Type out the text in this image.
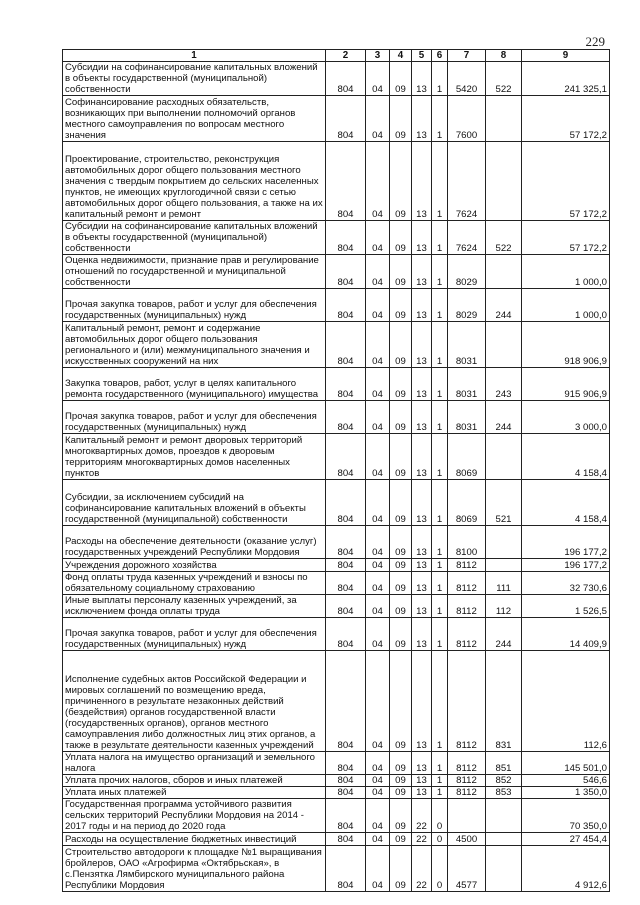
229
1	2	3	4	5	6	7	8	9
Субсидии на софинансирование капитальных вложений в объекты государственной (муниципальной) собственности	804	04	09	13	1	5420	522	241 325,1
Софинансирование расходных обязательств, возникающих при выполнении полномочий органов местного самоуправления по вопросам местного значения	804	04	09	13	1	7600		57 172,2
Проектирование, строительство, реконструкция автомобильных дорог общего пользования местного значения с твердым покрытием до сельских населенных пунктов, не имеющих круглогодичной связи с сетью автомобильных дорог общего пользования, а также на их капитальный ремонт и ремонт	804	04	09	13	1	7624		57 172,2
Субсидии на софинансирование капитальных вложений в объекты государственной (муниципальной) собственности	804	04	09	13	1	7624	522	57 172,2
Оценка недвижимости, признание прав и регулирование отношений по государственной и муниципальной собственности	804	04	09	13	1	8029		1 000,0
Прочая закупка товаров, работ и услуг для обеспечения государственных (муниципальных) нужд	804	04	09	13	1	8029	244	1 000,0
Капитальный ремонт, ремонт и содержание автомобильных дорог общего пользования регионального и (или) межмуниципального значения и искусственных сооружений на них	804	04	09	13	1	8031		918 906,9
Закупка товаров, работ, услуг в целях капитального ремонта государственного (муниципального) имущества	804	04	09	13	1	8031	243	915 906,9
Прочая закупка товаров, работ и услуг для обеспечения государственных (муниципальных) нужд	804	04	09	13	1	8031	244	3 000,0
Капитальный ремонт и ремонт дворовых территорий многоквартирных домов, проездов к дворовым территориям многоквартирных домов населенных пунктов	804	04	09	13	1	8069		4 158,4
Субсидии, за исключением субсидий на софинансирование капитальных вложений в объекты государственной (муниципальной) собственности	804	04	09	13	1	8069	521	4 158,4
Расходы на обеспечение деятельности (оказание услуг) государственных учреждений Республики Мордовия	804	04	09	13	1	8100		196 177,2
Учреждения дорожного хозяйства	804	04	09	13	1	8112		196 177,2
Фонд оплаты труда казенных учреждений и взносы по обязательному социальному страхованию	804	04	09	13	1	8112	111	32 730,6
Иные выплаты персоналу казенных учреждений, за исключением фонда оплаты труда	804	04	09	13	1	8112	112	1 526,5
Прочая закупка товаров, работ и услуг для обеспечения государственных (муниципальных) нужд	804	04	09	13	1	8112	244	14 409,9
Исполнение судебных актов Российской Федерации и мировых соглашений по возмещению вреда, причиненного в результате незаконных действий (бездействия) органов государственной власти (государственных органов), органов местного самоуправления либо должностных лиц этих органов, а также в результате деятельности казенных учреждений	804	04	09	13	1	8112	831	112,6
Уплата налога на имущество организаций и земельного налога	804	04	09	13	1	8112	851	145 501,0
Уплата прочих налогов, сборов и иных платежей	804	04	09	13	1	8112	852	546,6
Уплата иных платежей	804	04	09	13	1	8112	853	1 350,0
Государственная программа устойчивого развития сельских территорий Республики Мордовия на 2014 - 2017 годы и на период до 2020 года	804	04	09	22	0			70 350,0
Расходы на осуществление бюджетных инвестиций	804	04	09	22	0	4500		27 454,4
Строительство автодороги к площадке №1 выращивания бройлеров, ОАО «Агрофирма «Октябрьская», в с.Пензятка Лямбирского муниципального района Республики Мордовия	804	04	09	22	0	4577		4 912,6
